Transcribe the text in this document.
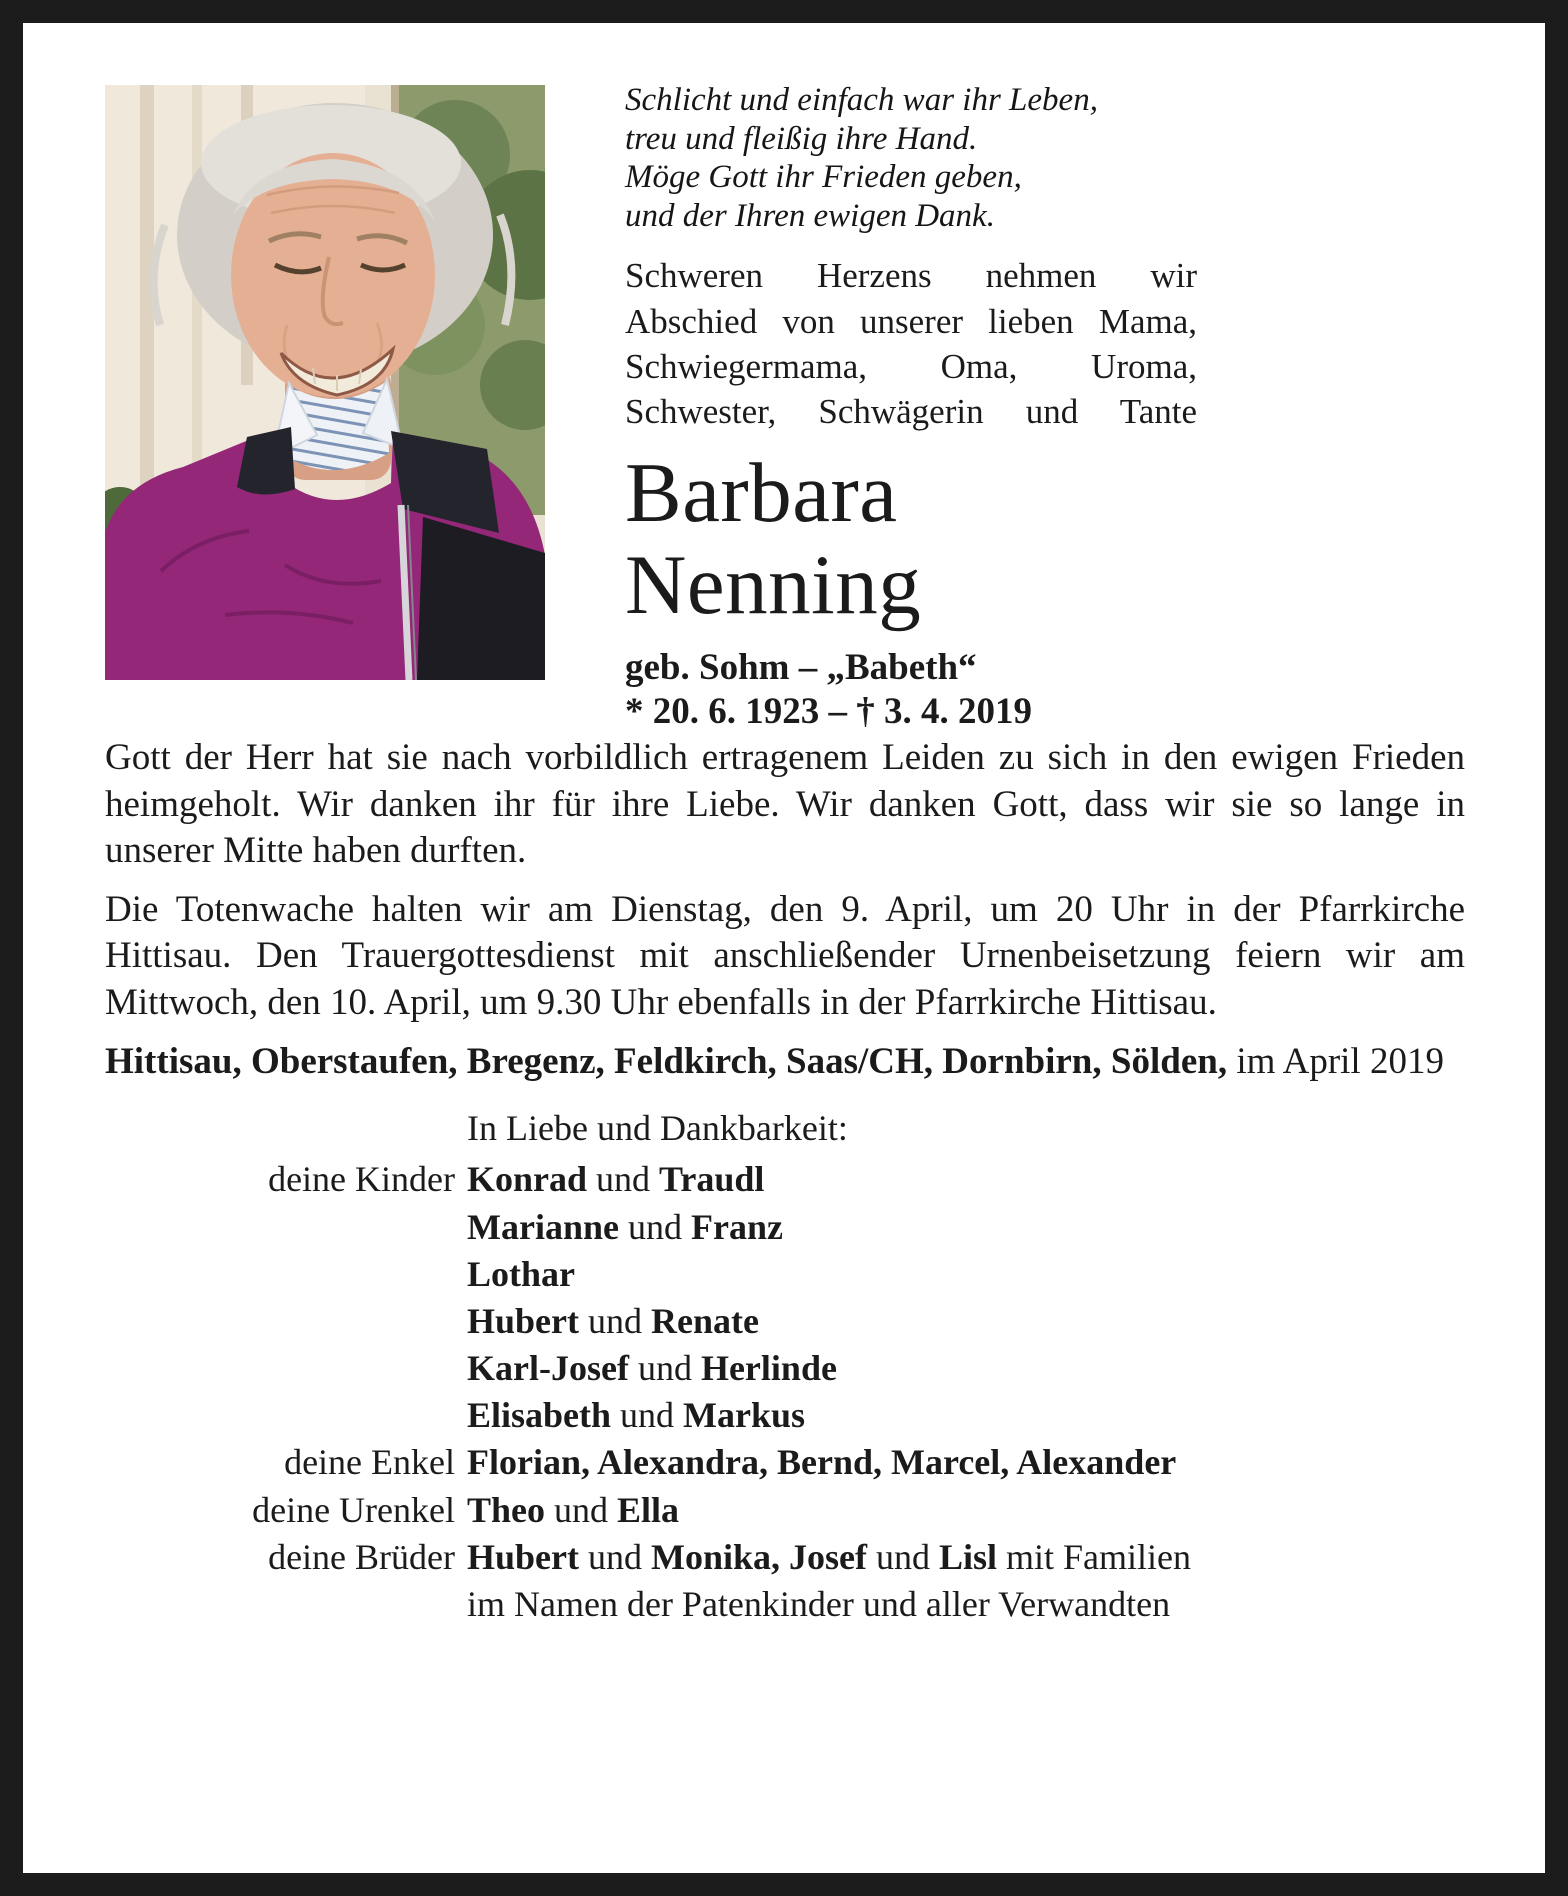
Schlicht und einfach war ihr Leben,
treu und fleißig ihre Hand.
Möge Gott ihr Frieden geben,
und der Ihren ewigen Dank.

Schweren Herzens nehmen wir Abschied von unserer lieben Mama, Schwiegermama, Oma, Uroma, Schwester, Schwägerin und Tante

Barbara
Nenning
geb. Sohm – „Babeth“
* 20. 6. 1923 – † 3. 4. 2019

Gott der Herr hat sie nach vorbildlich ertragenem Leiden zu sich in den ewigen Frieden heimgeholt. Wir danken ihr für ihre Liebe. Wir danken Gott, dass wir sie so lange in unserer Mitte haben durften.

Die Totenwache halten wir am Dienstag, den 9. April, um 20 Uhr in der Pfarrkirche Hittisau. Den Trauergottesdienst mit anschließender Urnenbeisetzung feiern wir am Mittwoch, den 10. April, um 9.30 Uhr ebenfalls in der Pfarrkirche Hittisau.

Hittisau, Oberstaufen, Bregenz, Feldkirch, Saas/CH, Dornbirn, Sölden, im April 2019

In Liebe und Dankbarkeit:
deine Kinder Konrad und Traudl
Marianne und Franz
Lothar
Hubert und Renate
Karl-Josef und Herlinde
Elisabeth und Markus
deine Enkel Florian, Alexandra, Bernd, Marcel, Alexander
deine Urenkel Theo und Ella
deine Brüder Hubert und Monika, Josef und Lisl mit Familien
im Namen der Patenkinder und aller Verwandten
